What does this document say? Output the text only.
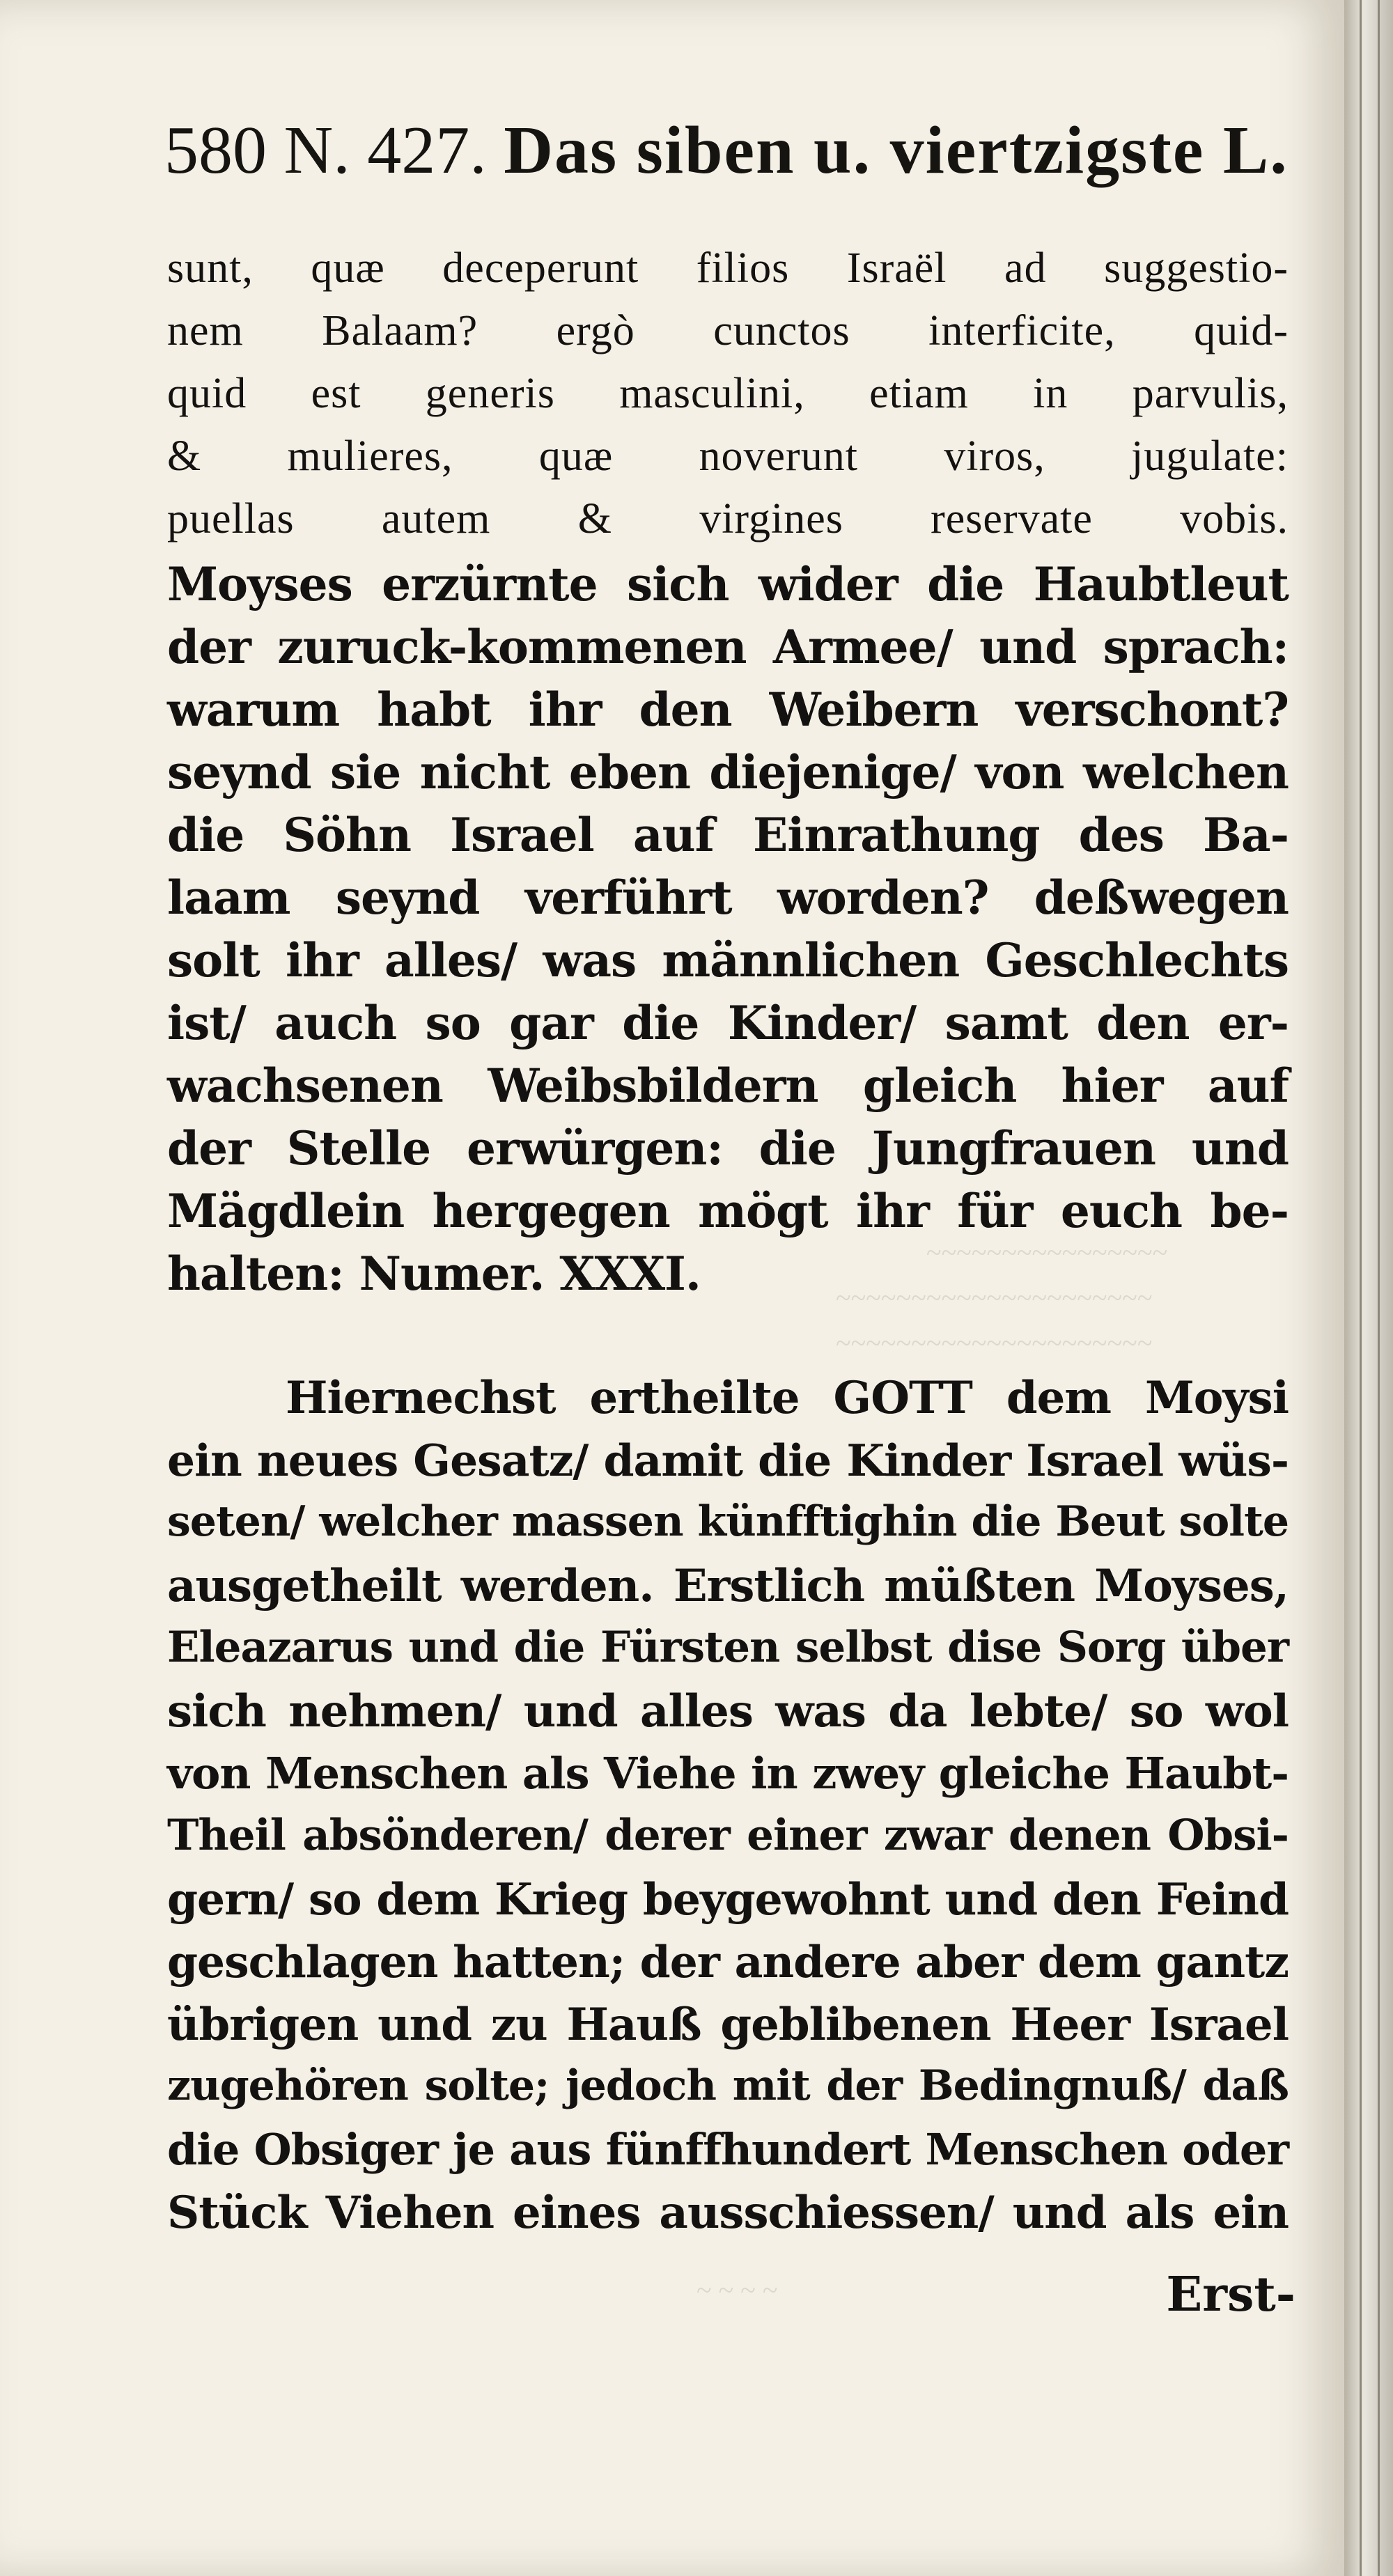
~~~~~~~~~~~~~~~~
~~~~~~~~~~~~~~~~~~~~~
~~~~~~~~~~~~~~~~~~~~~
~ ~ ~ ~
580 N. 427. Das siben u. viertzigste L.
sunt, quæ deceperunt filios Israël ad suggestio-
nem Balaam? ergò cunctos interficite, quid-
quid est generis masculini, etiam in parvulis,
& mulieres, quæ noverunt viros, jugulate:
puellas autem & virgines reservate vobis.
Moyses erzürnte sich wider die Haubtleut
der zuruck-kommenen Armee/ und sprach:
warum habt ihr den Weibern verschont?
seynd sie nicht eben diejenige/ von welchen
die Söhn Israel auf Einrathung des Ba-
laam seynd verführt worden? deßwegen
solt ihr alles/ was männlichen Geschlechts
ist/ auch so gar die Kinder/ samt den er-
wachsenen Weibsbildern gleich hier auf
der Stelle erwürgen: die Jungfrauen und
Mägdlein hergegen mögt ihr für euch be-
halten: Numer. XXXI.
Hiernechst ertheilte GOTT dem Moysi
ein neues Gesatz/ damit die Kinder Israel wüs-
seten/ welcher massen künfftighin die Beut solte
ausgetheilt werden. Erstlich müßten Moyses,
Eleazarus und die Fürsten selbst dise Sorg über
sich nehmen/ und alles was da lebte/ so wol
von Menschen als Viehe in zwey gleiche Haubt-
Theil absönderen/ derer einer zwar denen Obsi-
gern/ so dem Krieg beygewohnt und den Feind
geschlagen hatten; der andere aber dem gantz
übrigen und zu Hauß geblibenen Heer Israel
zugehören solte; jedoch mit der Bedingnuß/ daß
die Obsiger je aus fünffhundert Menschen oder
Stück Viehen eines ausschiessen/ und als ein
Erst-
